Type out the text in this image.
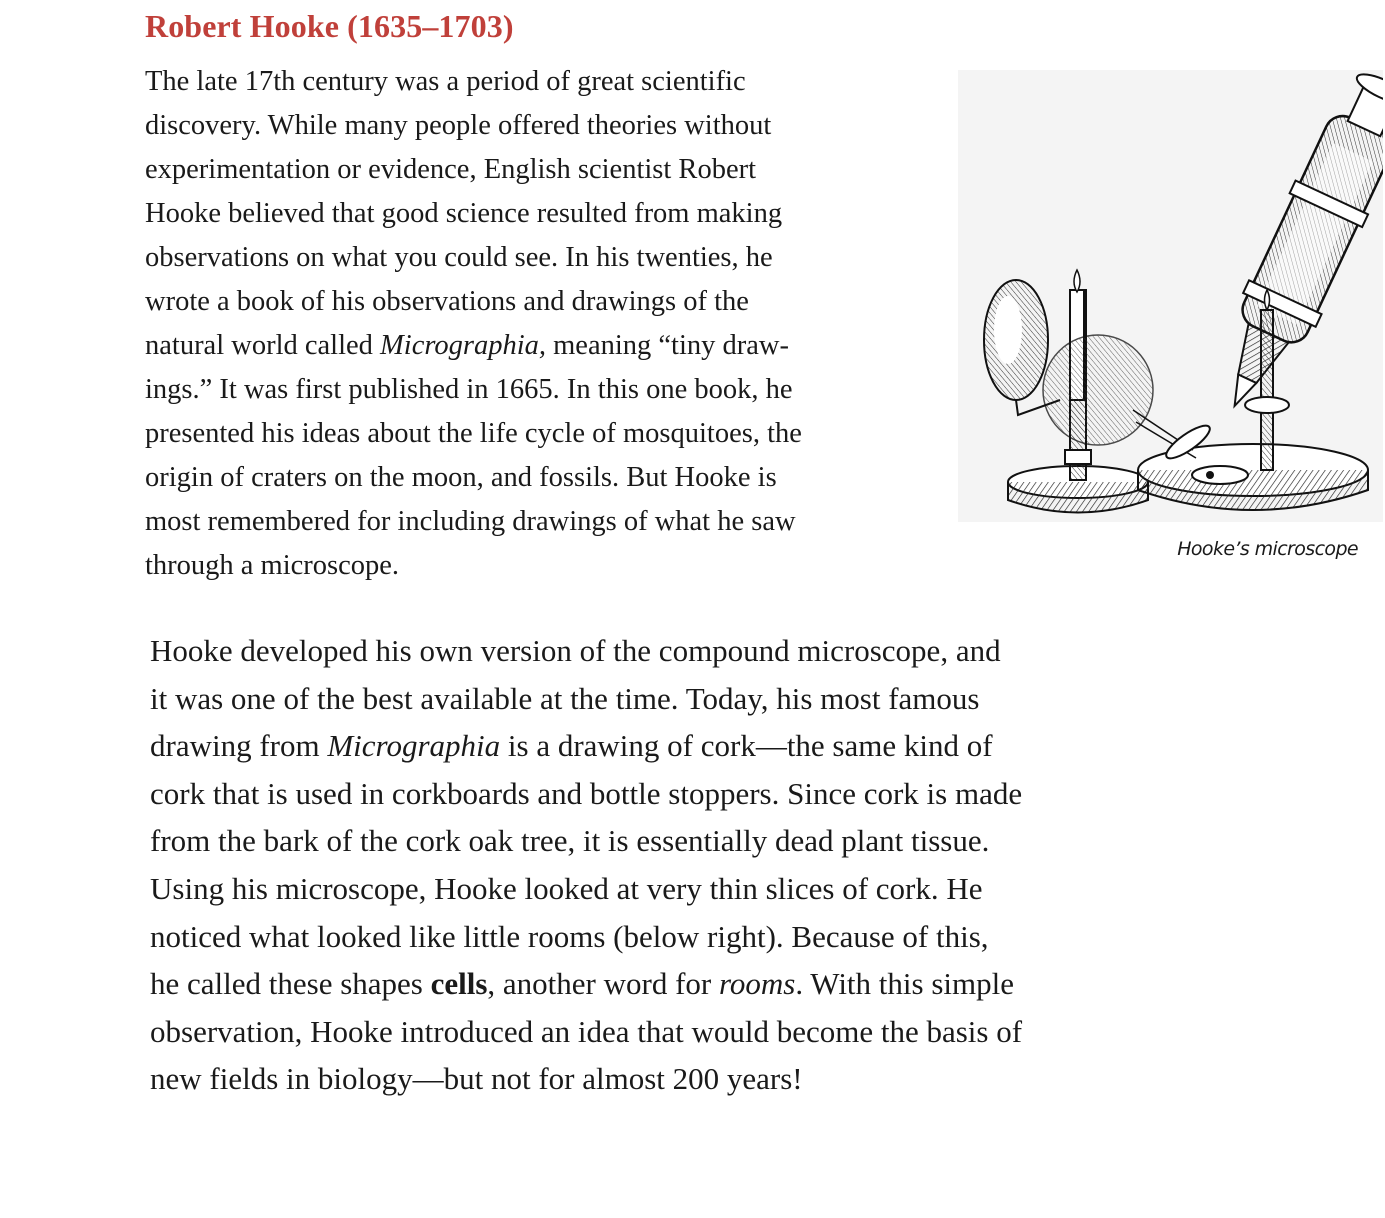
Robert Hooke (1635–1703)
The late 17th century was a period of great scientific
discovery. While many people offered theories without
experimentation or evidence, English scientist Robert
Hooke believed that good science resulted from making
observations on what you could see. In his twenties, he
wrote a book of his observations and drawings of the
natural world called Micrographia, meaning “tiny draw-
ings.” It was first published in 1665. In this one book, he
presented his ideas about the life cycle of mosquitoes, the
origin of craters on the moon, and fossils. But Hooke is
most remembered for including drawings of what he saw
through a microscope.
Hooke’s microscope
Hooke developed his own version of the compound microscope, and
it was one of the best available at the time. Today, his most famous
drawing from Micrographia is a drawing of cork—the same kind of
cork that is used in corkboards and bottle stoppers. Since cork is made
from the bark of the cork oak tree, it is essentially dead plant tissue.
Using his microscope, Hooke looked at very thin slices of cork. He
noticed what looked like little rooms (below right). Because of this,
he called these shapes cells, another word for rooms. With this simple
observation, Hooke introduced an idea that would become the basis of
new fields in biology—but not for almost 200 years!
